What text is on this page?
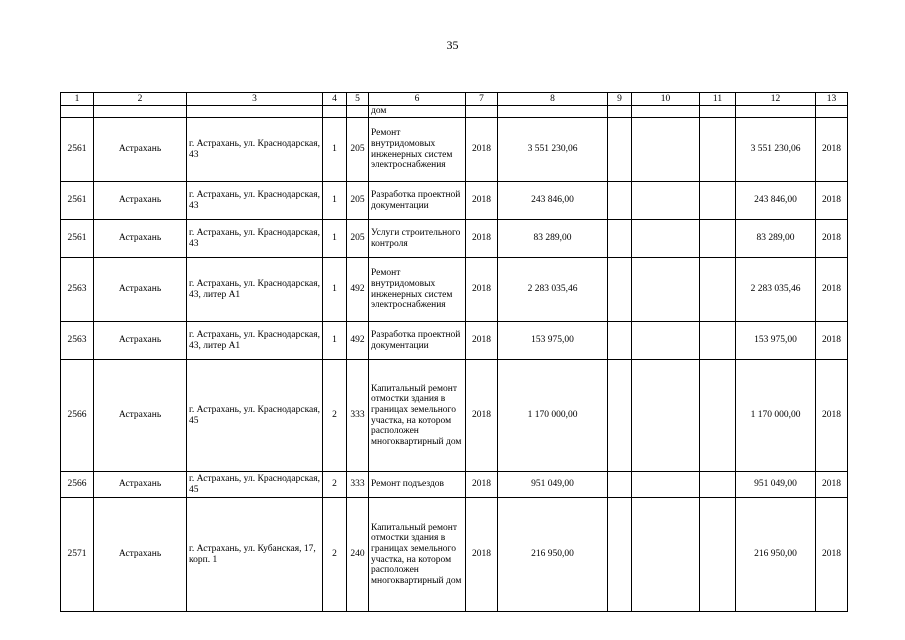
35
1	2	3	4	5	6	7	8	9	10	11	12	13
					дом							
2561	Астрахань	г. Астрахань, ул. Краснодарская, 43	1	205	Ремонт внутридомовых инженерных систем электроснабжения	2018	3 551 230,06				3 551 230,06	2018
2561	Астрахань	г. Астрахань, ул. Краснодарская, 43	1	205	Разработка проектной документации	2018	243 846,00				243 846,00	2018
2561	Астрахань	г. Астрахань, ул. Краснодарская, 43	1	205	Услуги строительного контроля	2018	83 289,00				83 289,00	2018
2563	Астрахань	г. Астрахань, ул. Краснодарская, 43, литер А1	1	492	Ремонт внутридомовых инженерных систем электроснабжения	2018	2 283 035,46				2 283 035,46	2018
2563	Астрахань	г. Астрахань, ул. Краснодарская, 43, литер А1	1	492	Разработка проектной документации	2018	153 975,00				153 975,00	2018
2566	Астрахань	г. Астрахань, ул. Краснодарская, 45	2	333	Капитальный ремонт отмостки здания в границах земельного участка, на котором расположен многоквартирный дом	2018	1 170 000,00				1 170 000,00	2018
2566	Астрахань	г. Астрахань, ул. Краснодарская, 45	2	333	Ремонт подъездов	2018	951 049,00				951 049,00	2018
2571	Астрахань	г. Астрахань, ул. Кубанская, 17, корп. 1	2	240	Капитальный ремонт отмостки здания в границах земельного участка, на котором расположен многоквартирный дом	2018	216 950,00				216 950,00	2018
